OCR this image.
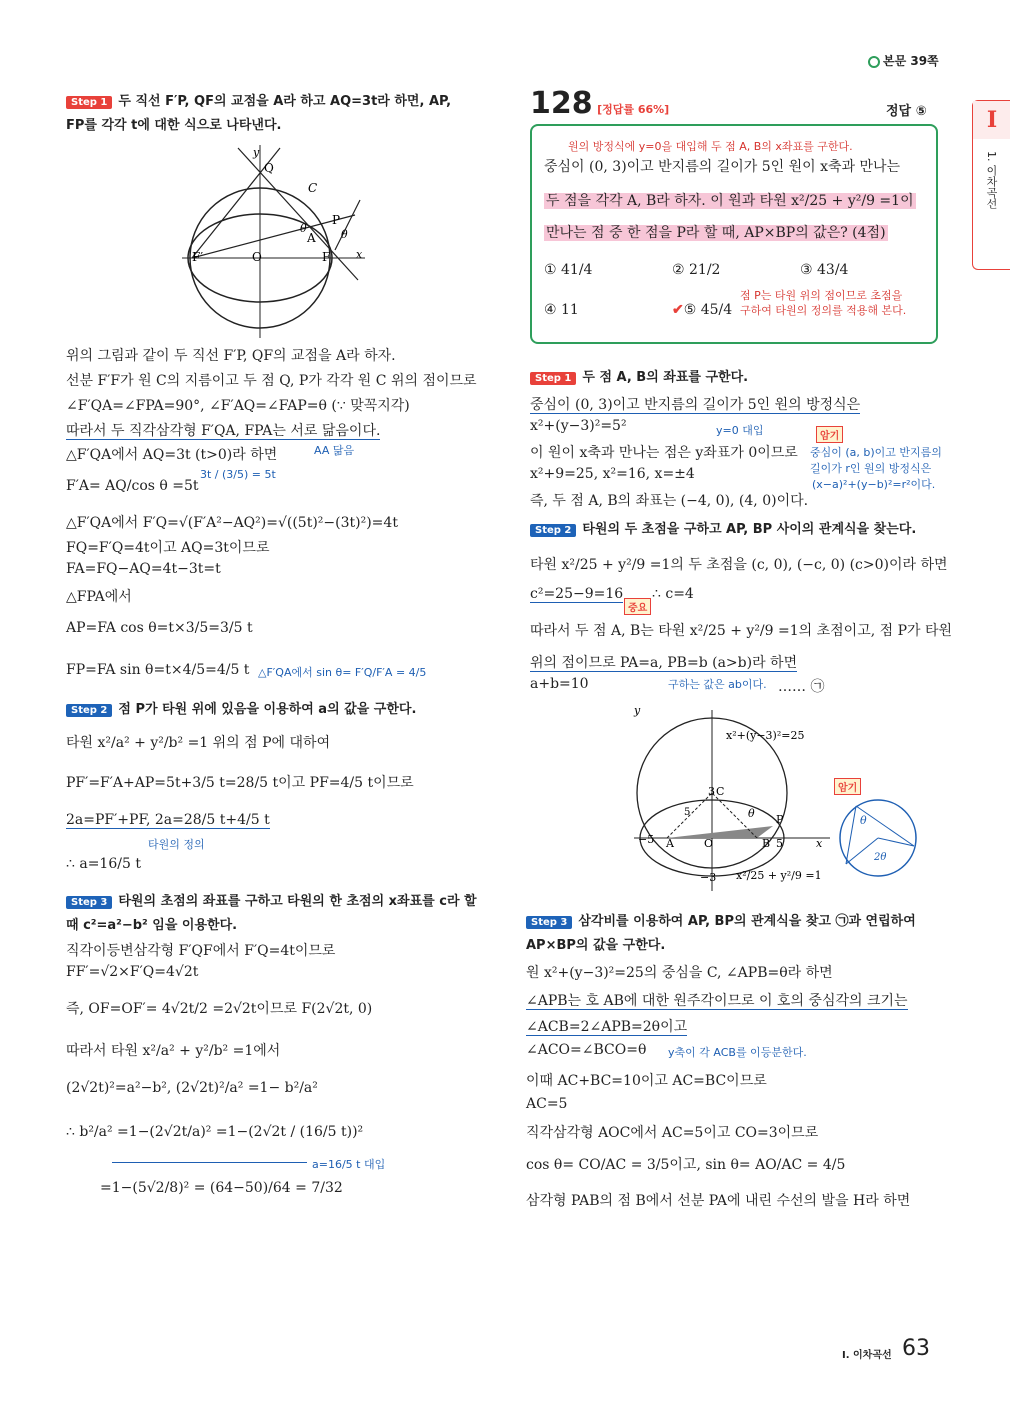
본문 39쪽
I
1. 이차곡선
Step 1 두 직선 F′P, QF의 교점을 A라 하고 AQ=3t라 하면, AP,
FP를 각각 t에 대한 식으로 나타낸다.
y
Q
C
P
A
θ	θ
F
F′	O	x
위의 그림과 같이 두 직선 F′P, QF의 교점을 A라 하자.
선분 F′F가 원 C의 지름이고 두 점 Q, P가 각각 원 C 위의 점이므로
∠F′QA=∠FPA=90°, ∠F′AQ=∠FAP=θ (∵ 맞꼭지각)
따라서 두 직각삼각형 F′QA, FPA는 서로 닮음이다.
△F′QA에서 AQ=3t (t>0)라 하면	AA 닮음
F′A= AQ/cos θ =5t
3t / (3/5) = 5t
△F′QA에서 F′Q=√(F′A²−AQ²)=√((5t)²−(3t)²)=4t
FQ=F′Q=4t이고 AQ=3t이므로
FA=FQ−AQ=4t−3t=t
△FPA에서
AP=FA cos θ=t×3/5=3/5 t
FP=FA sin θ=t×4/5=4/5 t △F′QA에서 sin θ= F′Q/F′A = 4/5
Step 2 점 P가 타원 위에 있음을 이용하여 a의 값을 구한다.
타원 x²/a² + y²/b² =1 위의 점 P에 대하여
PF′=F′A+AP=5t+3/5 t=28/5 t이고 PF=4/5 t이므로
2a=PF′+PF, 2a=28/5 t+4/5 t
타원의 정의
∴ a=16/5 t
Step 3 타원의 초점의 좌표를 구하고 타원의 한 초점의 x좌표를 c라 할
때 c²=a²−b² 임을 이용한다.
직각이등변삼각형 F′QF에서 F′Q=4t이므로
FF′=√2×F′Q=4√2t
즉, OF=OF′= 4√2t/2 =2√2t이므로 F(2√2t, 0)
따라서 타원 x²/a² + y²/b² =1에서
(2√2t)²=a²−b², (2√2t)²/a² =1− b²/a²
∴ b²/a² =1−(2√2t/a)² =1−(2√2t / (16/5 t))²
a=16/5 t 대입
=1−(5√2/8)² = (64−50)/64 = 7/32
128 [정답률 66%]	정답 ⑤
원의 방정식에 y=0을 대입해 두 점 A, B의 x좌표를 구한다.
중심이 (0, 3)이고 반지름의 길이가 5인 원이 x축과 만나는
두 점을 각각 A, B라 하자. 이 원과 타원 x²/25 + y²/9 =1이
만나는 점 중 한 점을 P라 할 때, AP×BP의 값은? (4점)
① 41/4	② 21/2	③ 43/4
④ 11	✔⑤ 45/4
점 P는 타원 위의 점이므로 초점을 구하여 타원의 정의를 적용해 본다.
Step 1 두 점 A, B의 좌표를 구한다.
중심이 (0, 3)이고 반지름의 길이가 5인 원의 방정식은
x²+(y−3)²=5²	y=0 대입	암기
이 원이 x축과 만나는 점은 y좌표가 0이므로 중심이 (a, b)이고 반지름의
길이가 r인 원의 방정식은
(x−a)²+(y−b)²=r²이다.
x²+9=25, x²=16, x=±4
즉, 두 점 A, B의 좌표는 (−4, 0), (4, 0)이다.
Step 2 타원의 두 초점을 구하고 AP, BP 사이의 관계식을 찾는다.
타원 x²/25 + y²/9 =1의 두 초점을 (c, 0), (−c, 0) (c>0)이라 하면
c²=25−9=16
중요
∴ c=4
따라서 두 점 A, B는 타원 x²/25 + y²/9 =1의 초점이고, 점 P가 타원
위의 점이므로 PA=a, PB=b (a>b)라 하면
a+b=10	구하는 값은 ab이다. …… ㉠
y
x²+(y−3)²=25
3 C
5	θ P
−5 A	O	B 5	x
−3 x²/25 + y²/9 =1
암기
θ
2θ
Step 3 삼각비를 이용하여 AP, BP의 관계식을 찾고 ㉠과 연립하여
AP×BP의 값을 구한다.
원 x²+(y−3)²=25의 중심을 C, ∠APB=θ라 하면
∠APB는 호 AB에 대한 원주각이므로 이 호의 중심각의 크기는
∠ACB=2∠APB=2θ이고
∠ACO=∠BCO=θ y축이 각 ACB를 이등분한다.
이때 AC+BC=10이고 AC=BC이므로
AC=5
직각삼각형 AOC에서 AC=5이고 CO=3이므로
cos θ= CO/AC = 3/5이고, sin θ= AO/AC = 4/5
삼각형 PAB의 점 B에서 선분 PA에 내린 수선의 발을 H라 하면
Ⅰ. 이차곡선 63
